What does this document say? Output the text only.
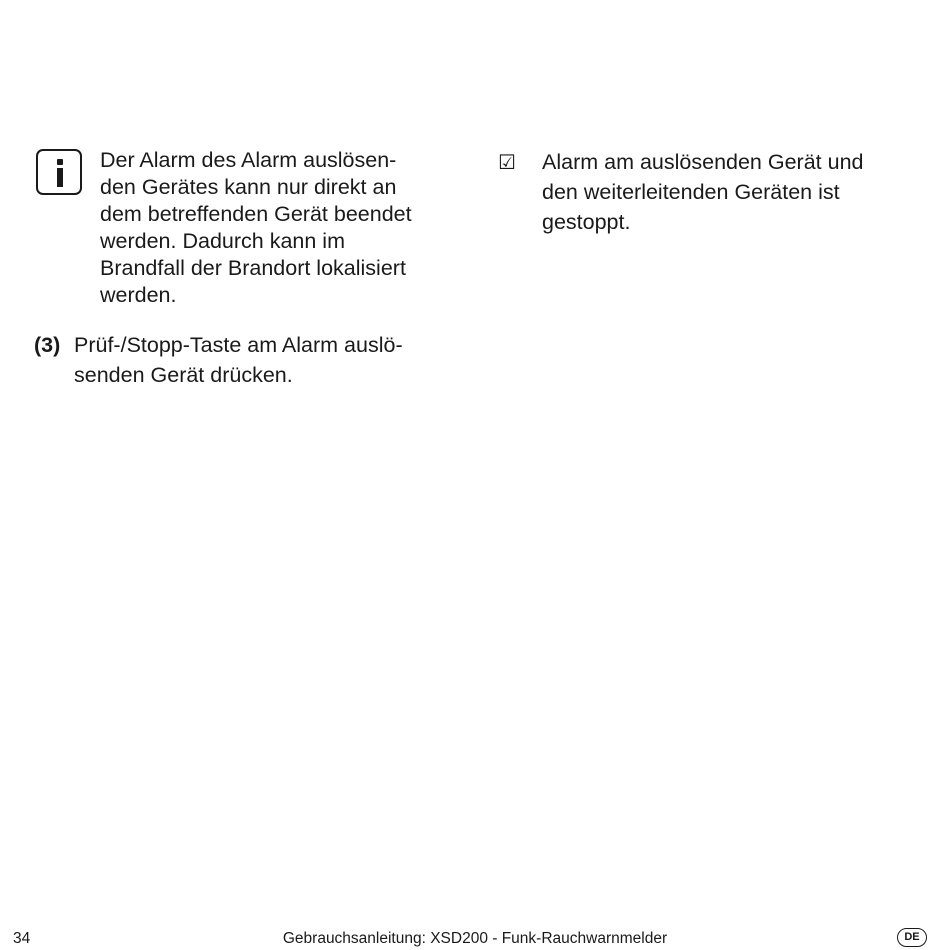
Der Alarm des Alarm auslösen-
den Gerätes kann nur direkt an
dem betreffenden Gerät beendet
werden. Dadurch kann im
Brandfall der Brandort lokalisiert
werden.
(3) Prüf-/Stopp-Taste am Alarm auslö-
senden Gerät drücken.
☑ Alarm am auslösenden Gerät und
den weiterleitenden Geräten ist
gestoppt.
34	Gebrauchsanleitung: XSD200 - Funk-Rauchwarnmelder	DE
